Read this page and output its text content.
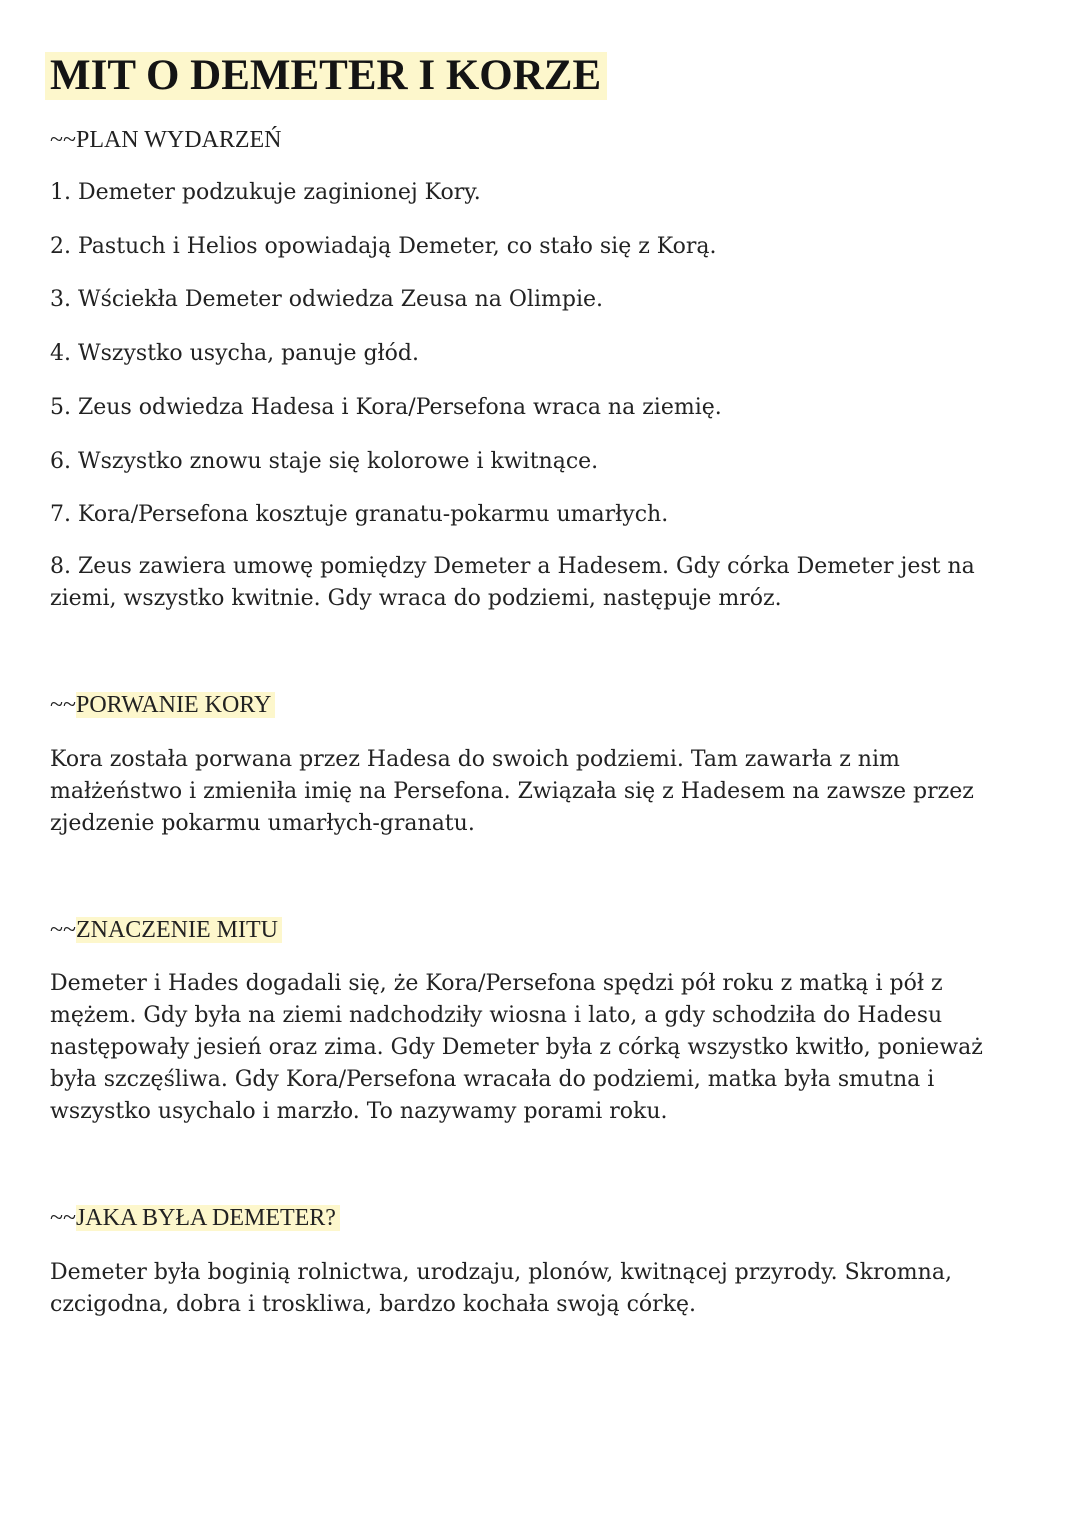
MIT O DEMETER I KORZE
~~PLAN WYDARZEŃ
1. Demeter podzukuje zaginionej Kory.
2. Pastuch i Helios opowiadają Demeter, co stało się z Korą.
3. Wściekła Demeter odwiedza Zeusa na Olimpie.
4. Wszystko usycha, panuje głód.
5. Zeus odwiedza Hadesa i Kora/Persefona wraca na ziemię.
6. Wszystko znowu staje się kolorowe i kwitnące.
7. Kora/Persefona kosztuje granatu-pokarmu umarłych.
8. Zeus zawiera umowę pomiędzy Demeter a Hadesem. Gdy córka Demeter jest na ziemi, wszystko kwitnie. Gdy wraca do podziemi, następuje mróz.
~~PORWANIE KORY
Kora została porwana przez Hadesa do swoich podziemi. Tam zawarła z nim małżeństwo i zmieniła imię na Persefona. Związała się z Hadesem na zawsze przez zjedzenie pokarmu umarłych-granatu.
~~ZNACZENIE MITU
Demeter i Hades dogadali się, że Kora/Persefona spędzi pół roku z matką i pół z mężem. Gdy była na ziemi nadchodziły wiosna i lato, a gdy schodziła do Hadesu następowały jesień oraz zima. Gdy Demeter była z córką wszystko kwitło, ponieważ była szczęśliwa. Gdy Kora/Persefona wracała do podziemi, matka była smutna i wszystko usychalo i marzło. To nazywamy porami roku.
~~JAKA BYŁA DEMETER?
Demeter była boginią rolnictwa, urodzaju, plonów, kwitnącej przyrody. Skromna, czcigodna, dobra i troskliwa, bardzo kochała swoją córkę.
